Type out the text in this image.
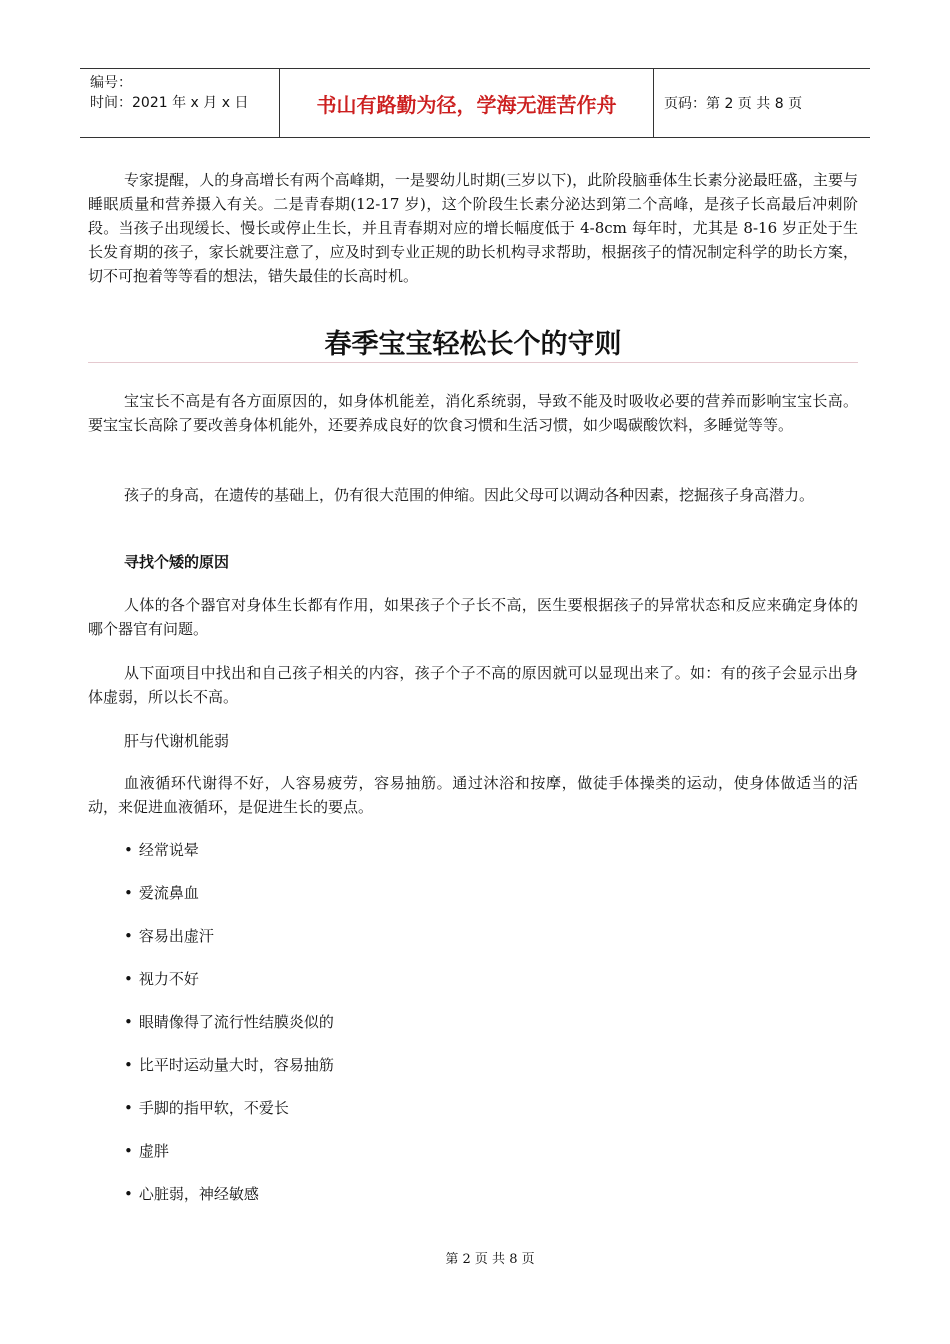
编号：
时间：2021 年 x 月 x 日	书山有路勤为径，学海无涯苦作舟	页码：第 2 页 共 8 页

专家提醒，人的身高增长有两个高峰期，一是婴幼儿时期(三岁以下)，此阶段脑垂体生长素分泌最旺盛，主要与睡眠质量和营养摄入有关。二是青春期(12-17 岁)，这个阶段生长素分泌达到第二个高峰，是孩子长高最后冲刺阶段。当孩子出现缓长、慢长或停止生长，并且青春期对应的增长幅度低于 4-8cm 每年时，尤其是 8-16 岁正处于生长发育期的孩子，家长就要注意了，应及时到专业正规的助长机构寻求帮助，根据孩子的情况制定科学的助长方案，切不可抱着等等看的想法，错失最佳的长高时机。

春季宝宝轻松长个的守则

宝宝长不高是有各方面原因的，如身体机能差，消化系统弱，导致不能及时吸收必要的营养而影响宝宝长高。要宝宝长高除了要改善身体机能外，还要养成良好的饮食习惯和生活习惯，如少喝碳酸饮料，多睡觉等等。

孩子的身高，在遗传的基础上，仍有很大范围的伸缩。因此父母可以调动各种因素，挖掘孩子身高潜力。

寻找个矮的原因

人体的各个器官对身体生长都有作用，如果孩子个子长不高，医生要根据孩子的异常状态和反应来确定身体的哪个器官有问题。

从下面项目中找出和自己孩子相关的内容，孩子个子不高的原因就可以显现出来了。如：有的孩子会显示出身体虚弱，所以长不高。

肝与代谢机能弱

血液循环代谢得不好，人容易疲劳，容易抽筋。通过沐浴和按摩，做徒手体操类的运动，使身体做适当的活动，来促进血液循环，是促进生长的要点。

• 经常说晕

• 爱流鼻血

• 容易出虚汗

• 视力不好

• 眼睛像得了流行性结膜炎似的

• 比平时运动量大时，容易抽筋

• 手脚的指甲软，不爱长

• 虚胖

• 心脏弱，神经敏感

第 2 页 共 8 页
